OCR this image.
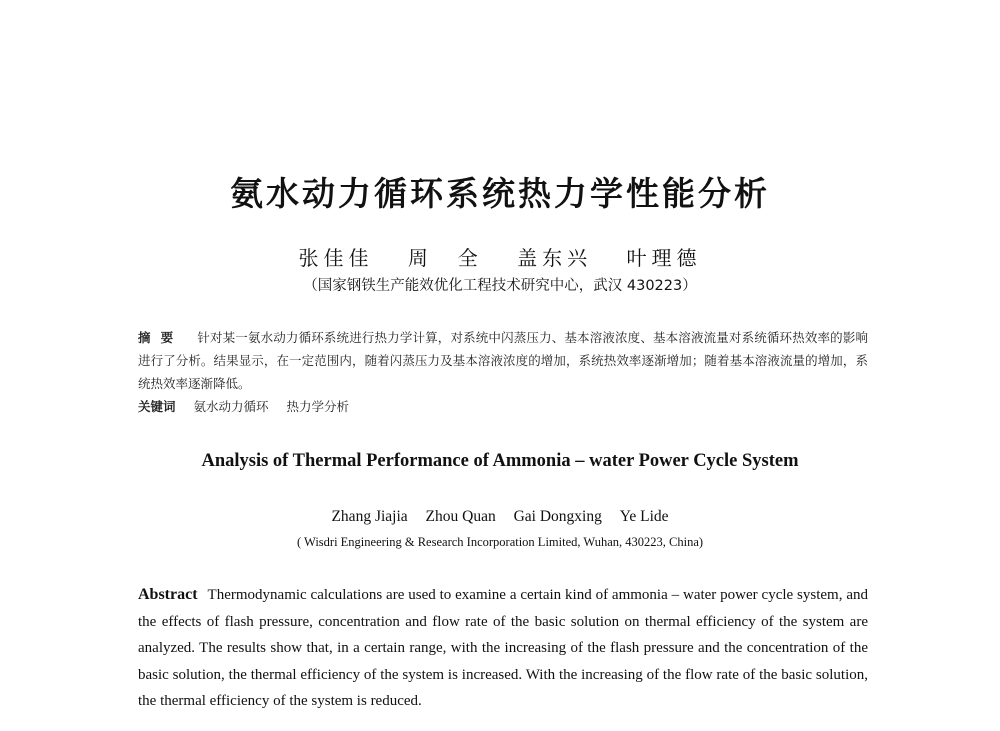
氨水动力循环系统热力学性能分析
张佳佳 周　全 盖东兴 叶理德
（国家钢铁生产能效优化工程技术研究中心，武汉 430223）
摘要 针对某一氨水动力循环系统进行热力学计算，对系统中闪蒸压力、基本溶液浓度、基本溶液流量对系统循环热效率的影响进行了分析。结果显示，在一定范围内，随着闪蒸压力及基本溶液浓度的增加，系统热效率逐渐增加；随着基本溶液流量的增加，系统热效率逐渐降低。
关键词 氨水动力循环 热力学分析
Analysis of Thermal Performance of Ammonia – water Power Cycle System
Zhang Jiajia Zhou Quan Gai Dongxing Ye Lide
( Wisdri Engineering & Research Incorporation Limited, Wuhan, 430223, China)
Abstract Thermodynamic calculations are used to examine a certain kind of ammonia – water power cycle system, and the effects of flash pressure, concentration and flow rate of the basic solution on thermal efficiency of the system are analyzed. The results show that, in a certain range, with the increasing of the flash pressure and the concentration of the basic solution, the thermal efficiency of the system is increased. With the increasing of the flow rate of the basic solution, the thermal efficiency of the system is reduced.
